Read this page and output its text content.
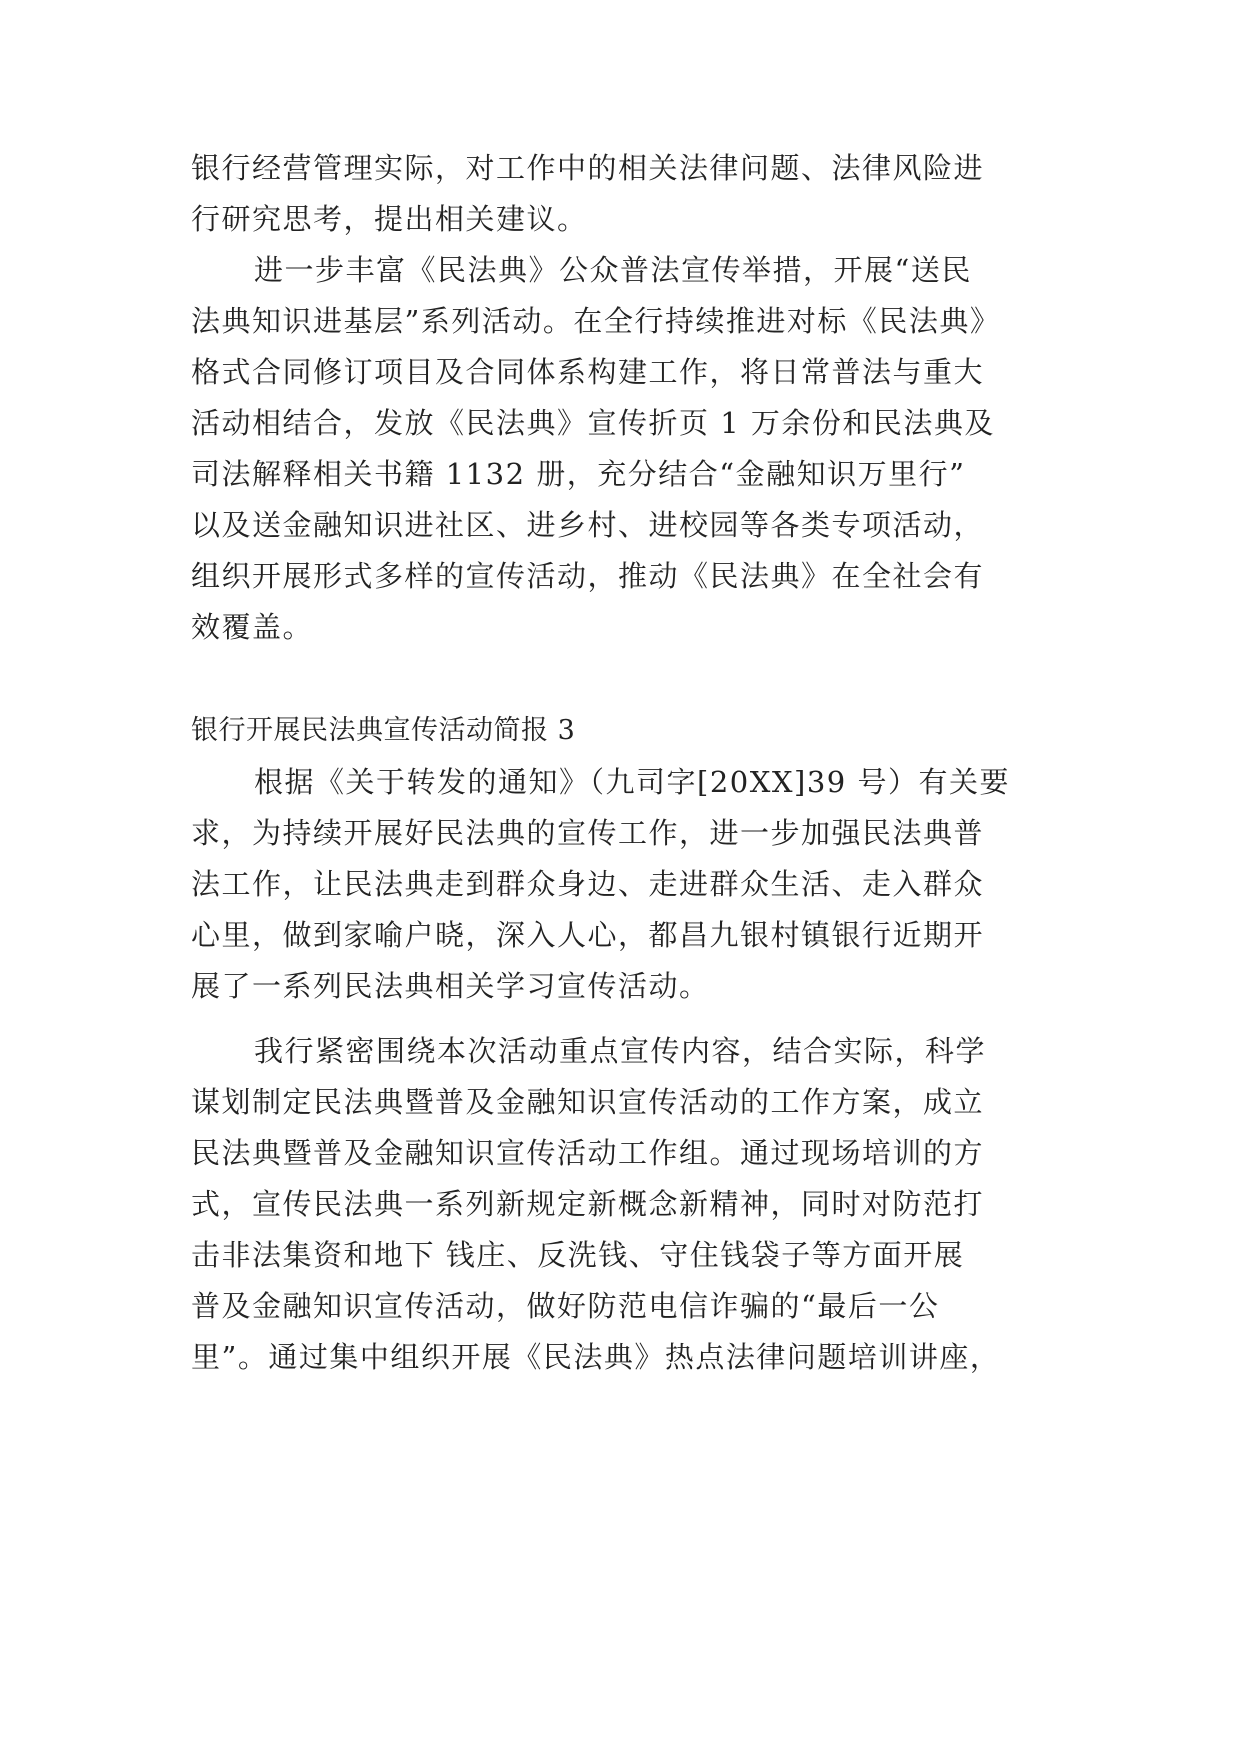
银行经营管理实际，对工作中的相关法律问题、法律风险进
行研究思考，提出相关建议。
进一步丰富《民法典》公众普法宣传举措，开展“送民
法典知识进基层”系列活动。在全行持续推进对标《民法典》
格式合同修订项目及合同体系构建工作，将日常普法与重大
活动相结合，发放《民法典》宣传折页 1 万余份和民法典及
司法解释相关书籍 1132 册，充分结合“金融知识万里行”
以及送金融知识进社区、进乡村、进校园等各类专项活动，
组织开展形式多样的宣传活动，推动《民法典》在全社会有
效覆盖。
银行开展民法典宣传活动简报 3
根据《关于转发的通知》（九司字[20XX]39 号）有关要
求，为持续开展好民法典的宣传工作，进一步加强民法典普
法工作，让民法典走到群众身边、走进群众生活、走入群众
心里，做到家喻户晓，深入人心，都昌九银村镇银行近期开
展了一系列民法典相关学习宣传活动。
我行紧密围绕本次活动重点宣传内容，结合实际，科学
谋划制定民法典暨普及金融知识宣传活动的工作方案，成立
民法典暨普及金融知识宣传活动工作组。通过现场培训的方
式，宣传民法典一系列新规定新概念新精神，同时对防范打
击非法集资和地下 钱庄、反洗钱、守住钱袋子等方面开展
普及金融知识宣传活动，做好防范电信诈骗的“最后一公
里”。通过集中组织开展《民法典》热点法律问题培训讲座，
